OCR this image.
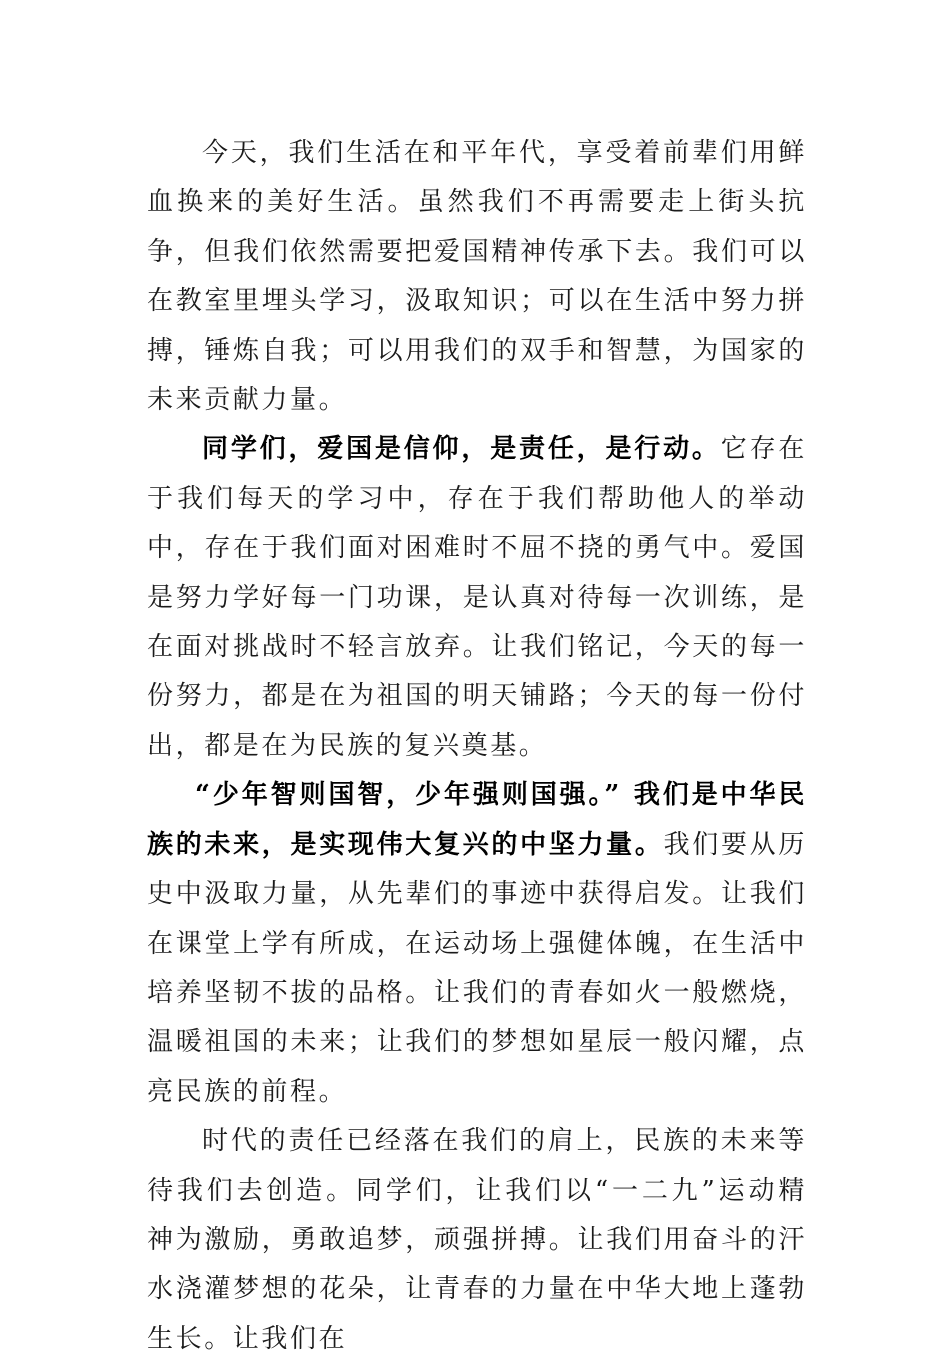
今天，我们生活在和平年代，享受着前辈们用鲜血换来的美好生活。虽然我们不再需要走上街头抗争，但我们依然需要把爱国精神传承下去。我们可以在教室里埋头学习，汲取知识；可以在生活中努力拼搏，锤炼自我；可以用我们的双手和智慧，为国家的未来贡献力量。

同学们，爱国是信仰，是责任，是行动。它存在于我们每天的学习中，存在于我们帮助他人的举动中，存在于我们面对困难时不屈不挠的勇气中。爱国是努力学好每一门功课，是认真对待每一次训练，是在面对挑战时不轻言放弃。让我们铭记，今天的每一份努力，都是在为祖国的明天铺路；今天的每一份付出，都是在为民族的复兴奠基。

“少年智则国智，少年强则国强。” 我们是中华民族的未来，是实现伟大复兴的中坚力量。我们要从历史中汲取力量，从先辈们的事迹中获得启发。让我们在课堂上学有所成，在运动场上强健体魄，在生活中培养坚韧不拔的品格。让我们的青春如火一般燃烧，温暖祖国的未来；让我们的梦想如星辰一般闪耀，点亮民族的前程。

时代的责任已经落在我们的肩上，民族的未来等待我们去创造。同学们，让我们以“一二九”运动精神为激励，勇敢追梦，顽强拼搏。让我们用奋斗的汗水浇灌梦想的花朵，让青春的力量在中华大地上蓬勃生长。让我们在
